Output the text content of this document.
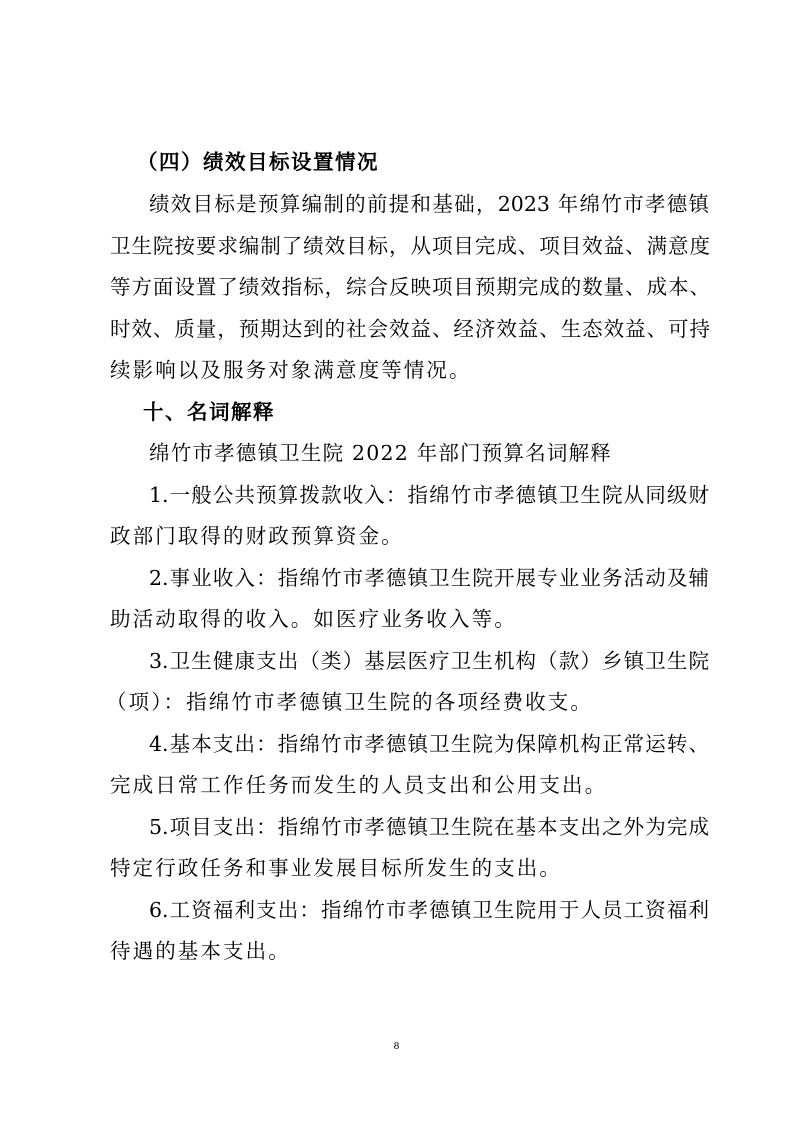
（四）绩效目标设置情况
绩效目标是预算编制的前提和基础，2023 年绵竹市孝德镇
卫生院按要求编制了绩效目标，从项目完成、项目效益、满意度
等方面设置了绩效指标，综合反映项目预期完成的数量、成本、
时效、质量，预期达到的社会效益、经济效益、生态效益、可持
续影响以及服务对象满意度等情况。
十、名词解释
绵竹市孝德镇卫生院 2022 年部门预算名词解释
1.一般公共预算拨款收入：指绵竹市孝德镇卫生院从同级财
政部门取得的财政预算资金。
2.事业收入：指绵竹市孝德镇卫生院开展专业业务活动及辅
助活动取得的收入。如医疗业务收入等。
3.卫生健康支出（类）基层医疗卫生机构（款）乡镇卫生院
（项）：指绵竹市孝德镇卫生院的各项经费收支。
4.基本支出：指绵竹市孝德镇卫生院为保障机构正常运转、
完成日常工作任务而发生的人员支出和公用支出。
5.项目支出：指绵竹市孝德镇卫生院在基本支出之外为完成
特定行政任务和事业发展目标所发生的支出。
6.工资福利支出：指绵竹市孝德镇卫生院用于人员工资福利
待遇的基本支出。
8
